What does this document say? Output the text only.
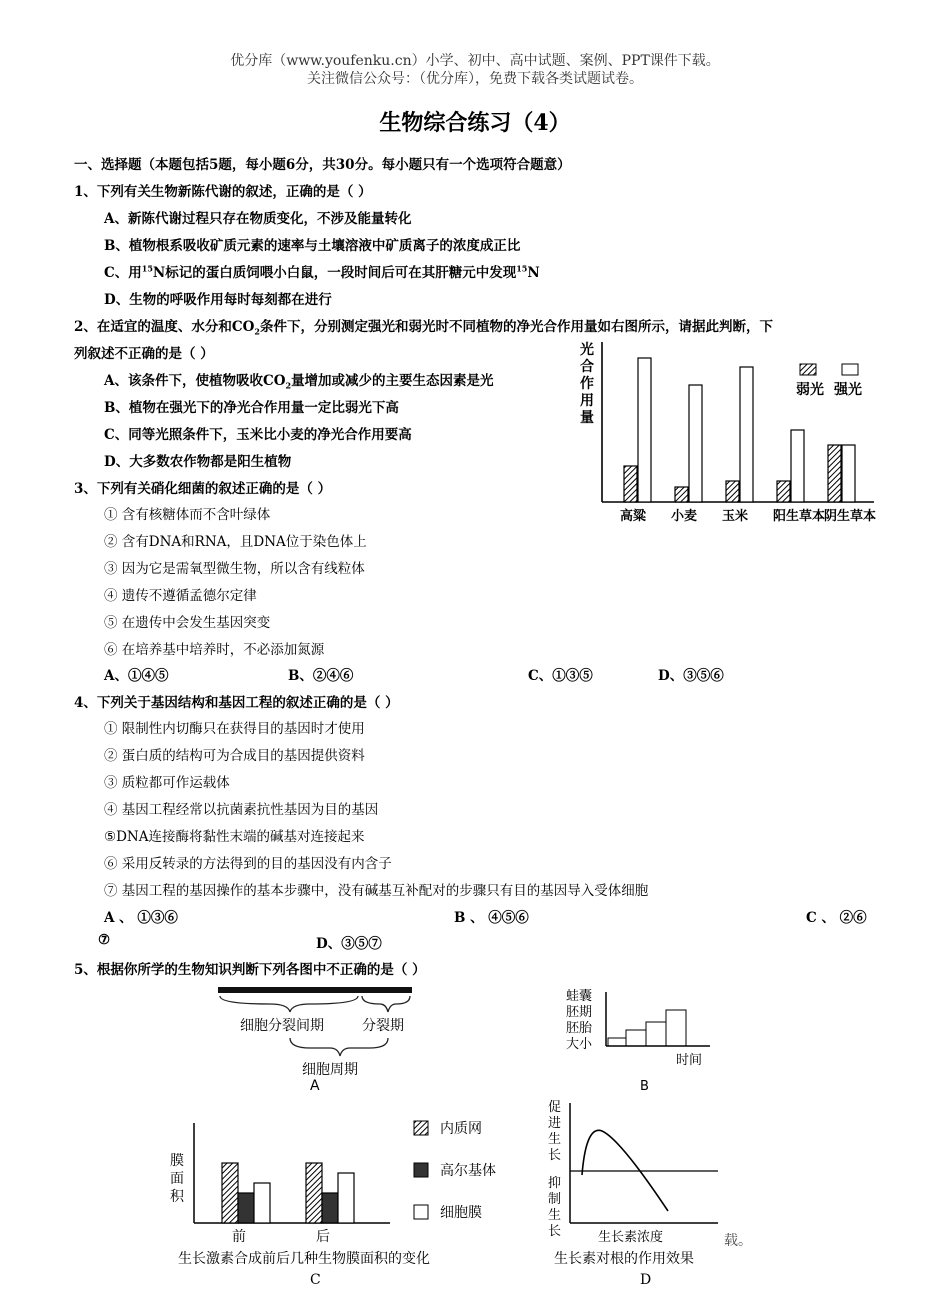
优分库（www.youfenku.cn）小学、初中、高中试题、案例、PPT课件下载。
关注微信公众号：（优分库），免费下载各类试题试卷。
生物综合练习（4）
一、选择题（本题包括5题，每小题6分，共30分。每小题只有一个选项符合题意）
1、下列有关生物新陈代谢的叙述，正确的是（ ）
A、新陈代谢过程只存在物质变化，不涉及能量转化
B、植物根系吸收矿质元素的速率与土壤溶液中矿质离子的浓度成正比
C、用$^{15}$N标记的蛋白质饲喂小白鼠，一段时间后可在其肝糖元中发现$^{15}$N
D、生物的呼吸作用每时每刻都在进行
2、在适宜的温度、水分和$CO_2$条件下，分别测定强光和弱光时不同植物的净光合作用量如右图所示，请据此判断，下
列叙述不正确的是（ ）
A、该条件下，使植物吸收$CO_2$量增加或减少的主要生态因素是光
B、植物在强光下的净光合作用量一定比弱光下高
C、同等光照条件下，玉米比小麦的净光合作用要高
D、大多数农作物都是阳生植物
光
合
作
用
量
高粱 小麦 玉米 阳生草本
阴生草本
弱光 强光
3、下列有关硝化细菌的叙述正确的是（ ）
① 含有核糖体而不含叶绿体
② 含有DNA和RNA，且DNA位于染色体上
③ 因为它是需氧型微生物，所以含有线粒体
④ 遗传不遵循孟德尔定律
⑤ 在遗传中会发生基因突变
⑥ 在培养基中培养时，不必添加氮源
A、①④⑤	B、②④⑥	C、①③⑤	D、③⑤⑥
4、下列关于基因结构和基因工程的叙述正确的是（ ）
① 限制性内切酶只在获得目的基因时才使用
② 蛋白质的结构可为合成目的基因提供资料
③ 质粒都可作运载体
④ 基因工程经常以抗菌素抗性基因为目的基因
⑤DNA连接酶将黏性末端的碱基对连接起来
⑥ 采用反转录的方法得到的目的基因没有内含子
⑦ 基因工程的基因操作的基本步骤中，没有碱基互补配对的步骤只有目的基因导入受体细胞
A 、 ①③⑥	B 、 ④⑤⑥	C 、 ②⑥
⑦	D、③⑤⑦
5、根据你所学的生物知识判断下列各图中不正确的是（ ）
细胞分裂间期	分裂期
细胞周期
A
蛙囊
胚期
胚胎
大小
时间
B
膜
面
积
前	后
内质网
高尔基体
细胞膜
生长激素合成前后几种生物膜面积的变化
C
促
进
生
长
抑
制
生
长	生长素浓度
生长素对根的作用效果
D
载。
